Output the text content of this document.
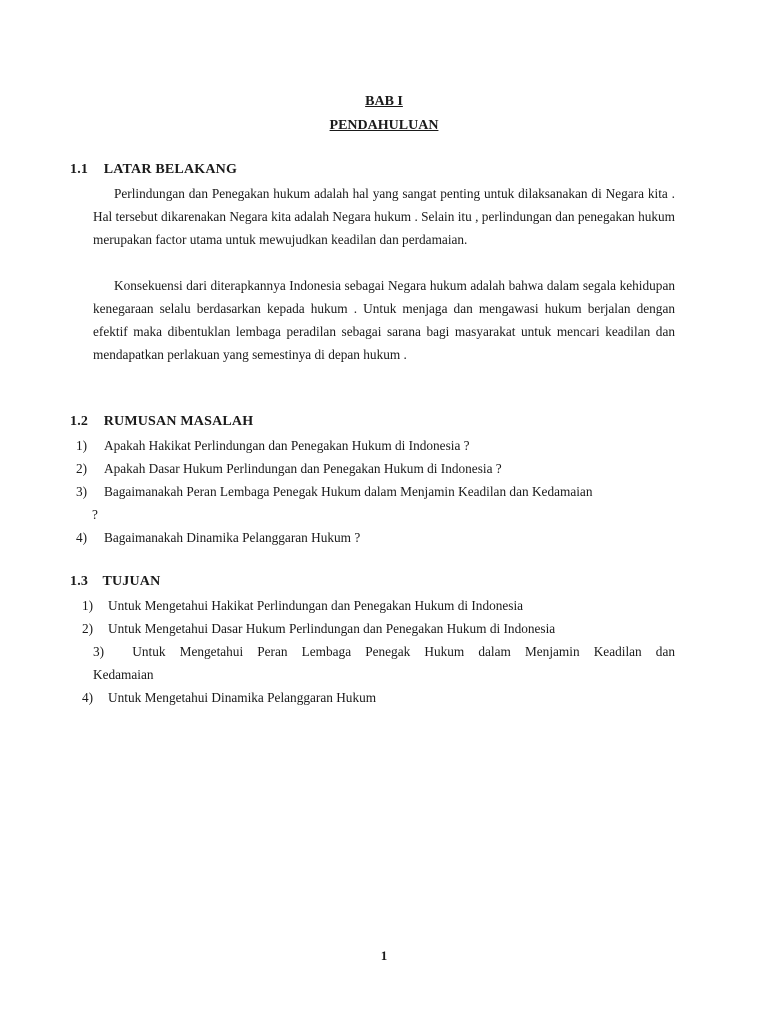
BAB I
PENDAHULUAN
1.1 LATAR BELAKANG
Perlindungan dan Penegakan hukum adalah hal yang sangat penting untuk dilaksanakan di Negara kita . Hal tersebut dikarenakan Negara kita adalah Negara hukum . Selain itu , perlindungan dan penegakan hukum merupakan factor utama untuk mewujudkan keadilan dan perdamaian.
Konsekuensi dari diterapkannya Indonesia sebagai Negara hukum adalah bahwa dalam segala kehidupan kenegaraan selalu berdasarkan kepada hukum . Untuk menjaga dan mengawasi hukum berjalan dengan efektif maka dibentuklan lembaga peradilan sebagai sarana bagi masyarakat untuk mencari keadilan dan mendapatkan perlakuan yang semestinya di depan hukum .
1.2 RUMUSAN MASALAH
1) Apakah Hakikat Perlindungan dan Penegakan Hukum di Indonesia ?
2) Apakah Dasar Hukum Perlindungan dan Penegakan Hukum di Indonesia ?
3) Bagaimanakah Peran Lembaga Penegak Hukum dalam Menjamin Keadilan dan Kedamaian
?
4) Bagaimanakah Dinamika Pelanggaran Hukum ?
1.3 TUJUAN
1) Untuk Mengetahui Hakikat Perlindungan dan Penegakan Hukum di Indonesia
2) Untuk Mengetahui Dasar Hukum Perlindungan dan Penegakan Hukum di Indonesia
3) Untuk Mengetahui Peran Lembaga Penegak Hukum dalam Menjamin Keadilan dan
Kedamaian
4) Untuk Mengetahui Dinamika Pelanggaran Hukum
1
